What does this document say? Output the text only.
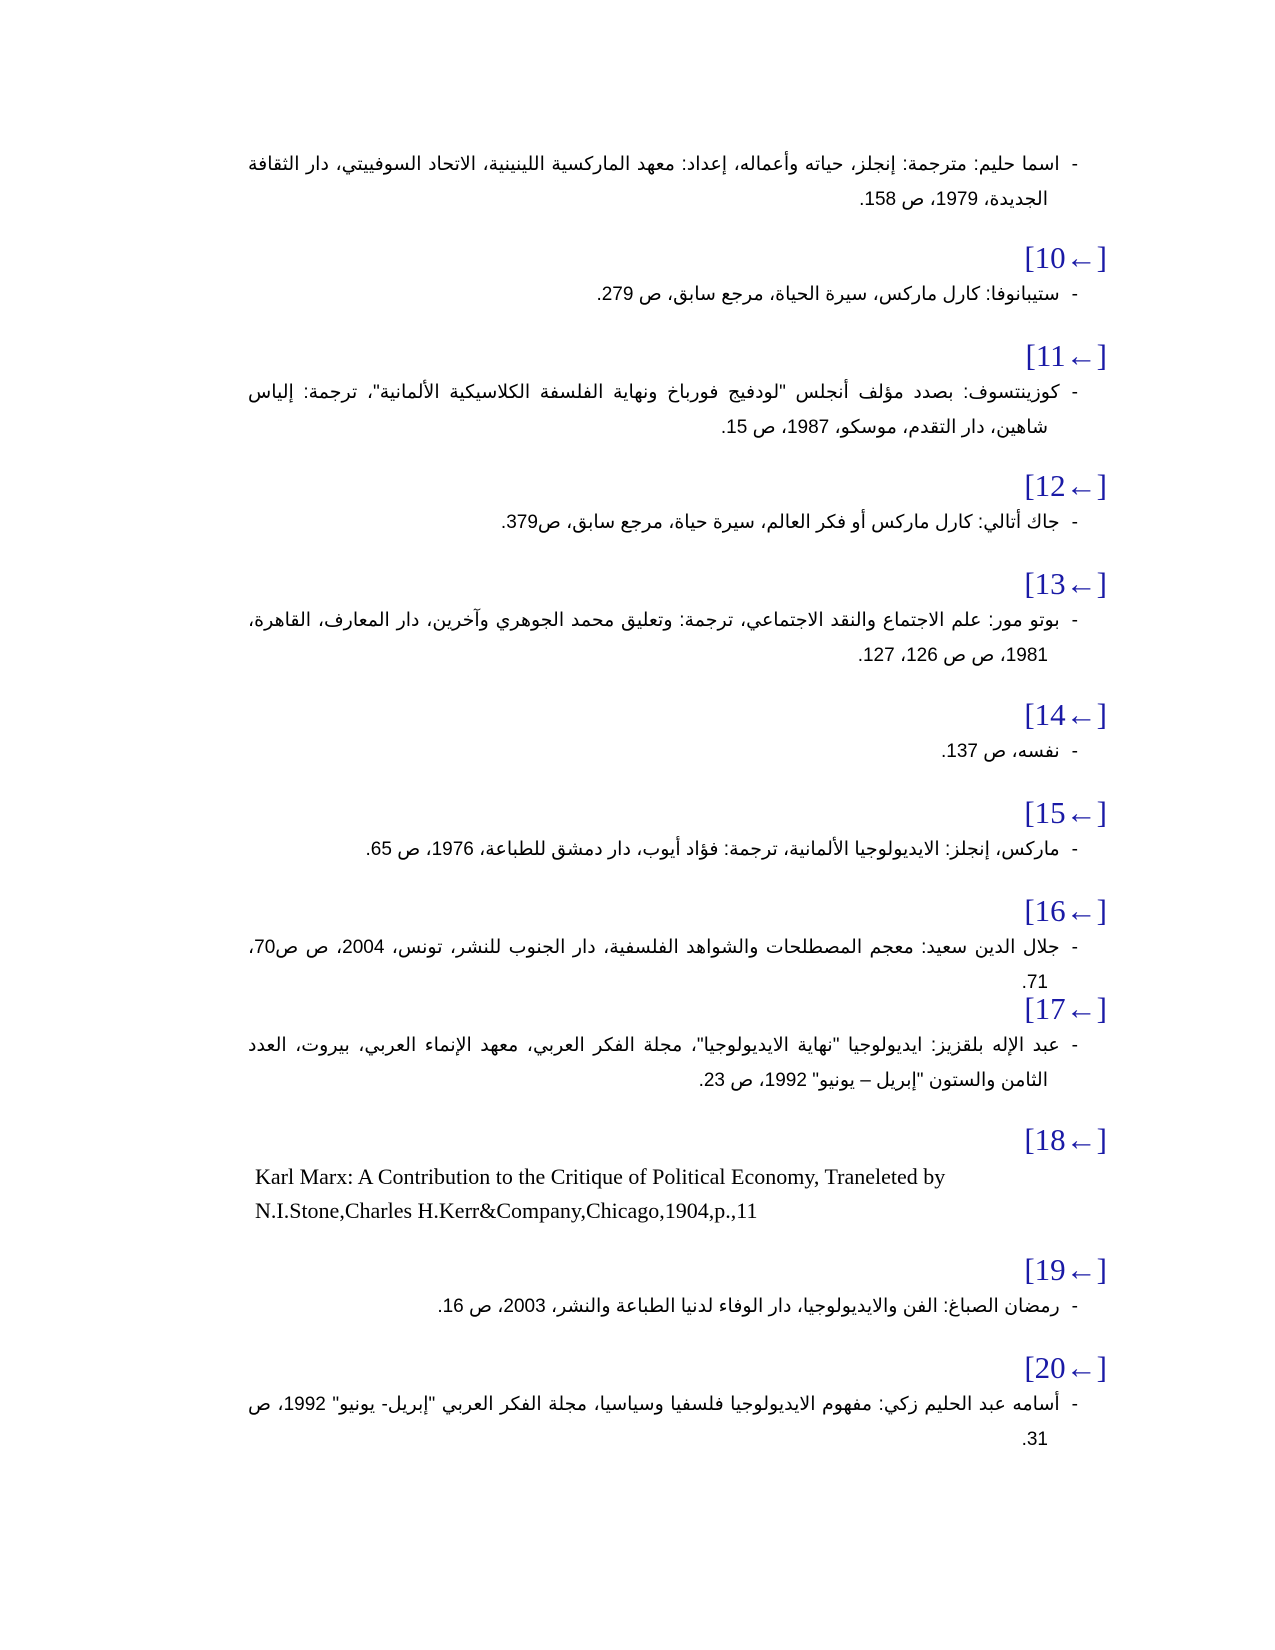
-اسما حليم: مترجمة: إنجلز، حياته وأعماله، إعداد: معهد الماركسية اللينينية، الاتحاد السوفييتي، دار الثقافة الجديدة، 1979، ص 158.
[10←]
-ستيبانوفا: كارل ماركس، سيرة الحياة، مرجع سابق، ص 279.
[11←]
-كوزينتسوف: بصدد مؤلف أنجلس "لودفيج فورباخ ونهاية الفلسفة الكلاسيكية الألمانية"، ترجمة: إلياس شاهين، دار التقدم، موسكو، 1987، ص 15.
[12←]
-جاك أتالي: كارل ماركس أو فكر العالم، سيرة حياة، مرجع سابق، ص379.
[13←]
-بوتو مور: علم الاجتماع والنقد الاجتماعي، ترجمة: وتعليق محمد الجوهري وآخرين، دار المعارف، القاهرة، 1981، ص ص 126، 127.
[14←]
-نفسه، ص 137.
[15←]
-ماركس، إنجلز: الايديولوجيا الألمانية، ترجمة: فؤاد أيوب، دار دمشق للطباعة، 1976، ص 65.
[16←]
-جلال الدين سعيد: معجم المصطلحات والشواهد الفلسفية، دار الجنوب للنشر، تونس، 2004، ص ص70، 71.
[17←]
-عبد الإله بلقزيز: ايديولوجيا "نهاية الايديولوجيا"، مجلة الفكر العربي، معهد الإنماء العربي، بيروت، العدد الثامن والستون "إبريل – يونيو" 1992، ص 23.
[18←]
Karl Marx: A Contribution to the Critique of Political Economy, Traneleted by N.I.Stone,Charles H.Kerr&Company,Chicago,1904,p.,11
[19←]
-رمضان الصباغ: الفن والايديولوجيا، دار الوفاء لدنيا الطباعة والنشر، 2003، ص 16.
[20←]
-أسامه عبد الحليم زكي: مفهوم الايديولوجيا فلسفيا وسياسيا، مجلة الفكر العربي "إبريل- يونيو" 1992، ص 31.
